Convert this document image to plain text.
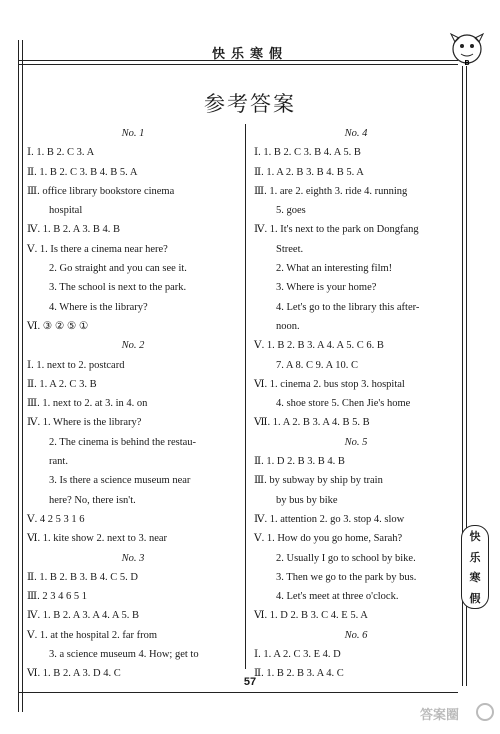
快乐寒假
B
参考答案
No. 1
Ⅰ. 1. B 2. C 3. A
Ⅱ. 1. B 2. C 3. B 4. B 5. A
Ⅲ. office library bookstore cinema
hospital
Ⅳ. 1. B 2. A 3. B 4. B
Ⅴ. 1. Is there a cinema near here?
2. Go straight and you can see it.
3. The school is next to the park.
4. Where is the library?
Ⅵ. ③ ② ⑤ ①
No. 2
Ⅰ. 1. next to 2. postcard
Ⅱ. 1. A 2. C 3. B
Ⅲ. 1. next to 2. at 3. in 4. on
Ⅳ. 1. Where is the library?
2. The cinema is behind the restau-
rant.
3. Is there a science museum near
here? No, there isn't.
Ⅴ. 4 2 5 3 1 6
Ⅵ. 1. kite show 2. next to 3. near
No. 3
Ⅱ. 1. B 2. B 3. B 4. C 5. D
Ⅲ. 2 3 4 6 5 1
Ⅳ. 1. B 2. A 3. A 4. A 5. B
Ⅴ. 1. at the hospital 2. far from
3. a science museum 4. How; get to
Ⅵ. 1. B 2. A 3. D 4. C
No. 4
Ⅰ. 1. B 2. C 3. B 4. A 5. B
Ⅱ. 1. A 2. B 3. B 4. B 5. A
Ⅲ. 1. are 2. eighth 3. ride 4. running
5. goes
Ⅳ. 1. It's next to the park on Dongfang
Street.
2. What an interesting film!
3. Where is your home?
4. Let's go to the library this after-
noon.
Ⅴ. 1. B 2. B 3. A 4. A 5. C 6. B
7. A 8. C 9. A 10. C
Ⅵ. 1. cinema 2. bus stop 3. hospital
4. shoe store 5. Chen Jie's home
Ⅶ. 1. A 2. B 3. A 4. B 5. B
No. 5
Ⅱ. 1. D 2. B 3. B 4. B
Ⅲ. by subway by ship by train
by bus by bike
Ⅳ. 1. attention 2. go 3. stop 4. slow
Ⅴ. 1. How do you go home, Sarah?
2. Usually I go to school by bike.
3. Then we go to the park by bus.
4. Let's meet at three o'clock.
Ⅵ. 1. D 2. B 3. C 4. E 5. A
No. 6
Ⅰ. 1. A 2. C 3. E 4. D
Ⅱ. 1. B 2. B 3. A 4. C
快
乐
寒
假
57
答案圈
